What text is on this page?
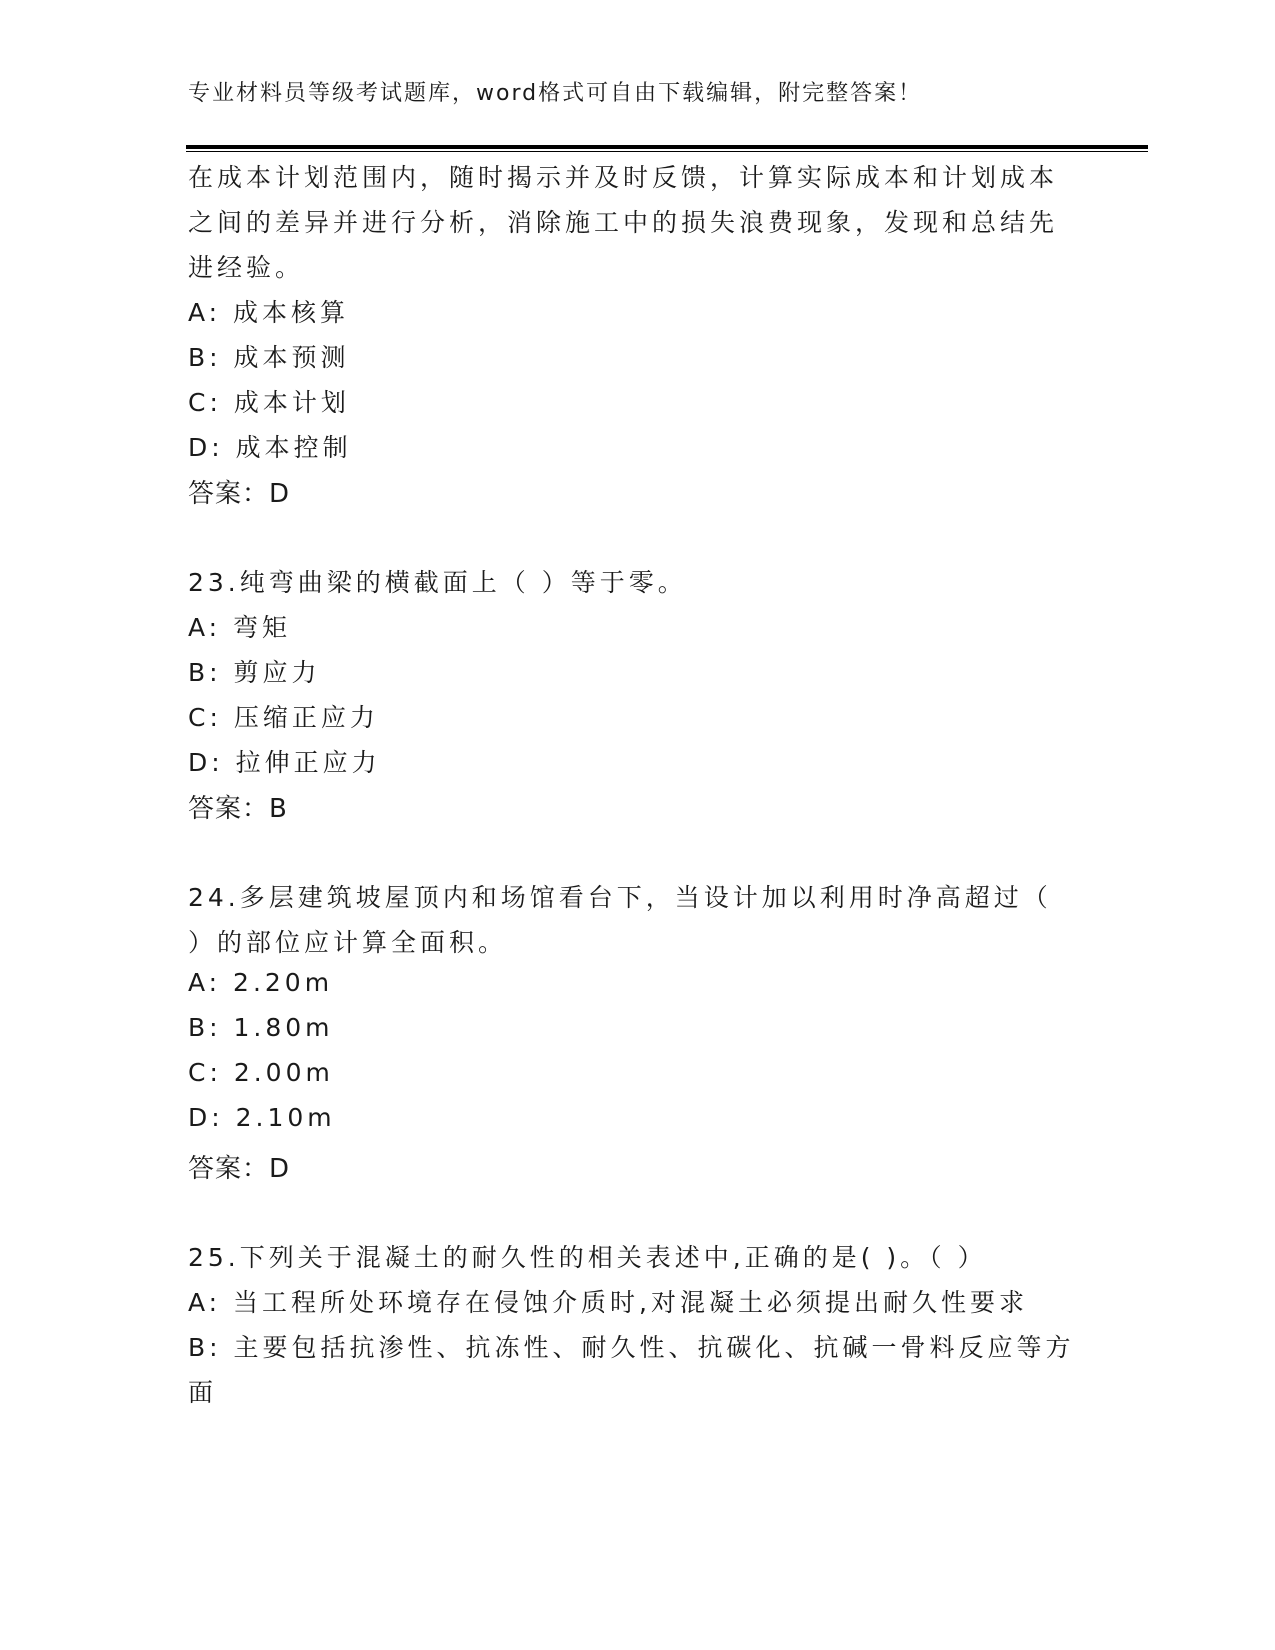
专业材料员等级考试题库，word格式可自由下载编辑，附完整答案！
在成本计划范围内，随时揭示并及时反馈，计算实际成本和计划成本
之间的差异并进行分析，消除施工中的损失浪费现象，发现和总结先
进经验。
A: 成本核算
B: 成本预测
C: 成本计划
D: 成本控制
答案：D
23.纯弯曲梁的横截面上（ ）等于零。
A: 弯矩
B: 剪应力
C: 压缩正应力
D: 拉伸正应力
答案：B
24.多层建筑坡屋顶内和场馆看台下，当设计加以利用时净高超过（
）的部位应计算全面积。
A: 2.20m
B: 1.80m
C: 2.00m
D: 2.10m
答案：D
25.下列关于混凝土的耐久性的相关表述中,正确的是( )。（ ）
A: 当工程所处环境存在侵蚀介质时,对混凝土必须提出耐久性要求
B: 主要包括抗渗性、抗冻性、耐久性、抗碳化、抗碱一骨料反应等方
面
